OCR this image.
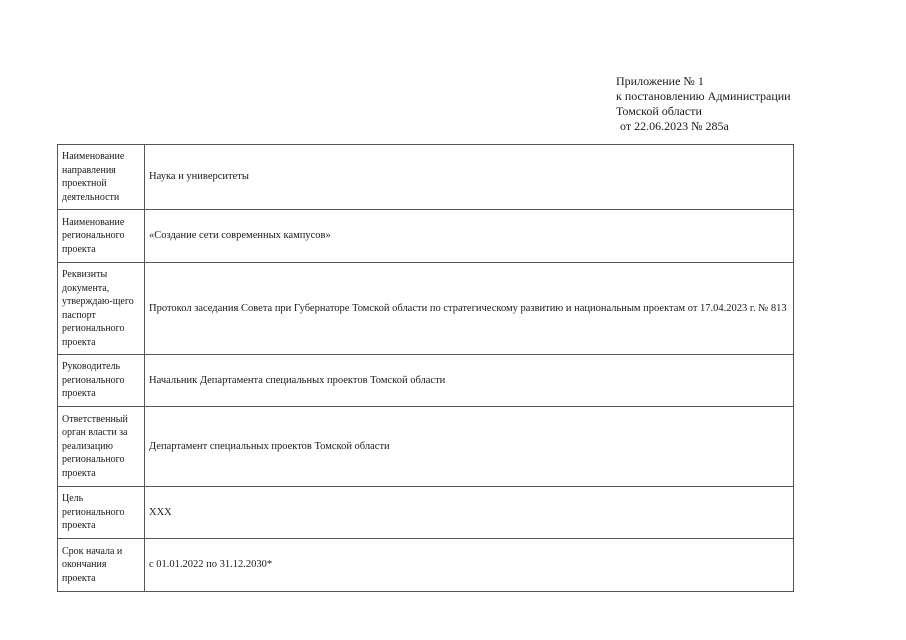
Приложение № 1
к постановлению Администрации
Томской области
от 22.06.2023 № 285а
Наименование направления проектной деятельности	Наука и университеты
Наименование регионального проекта	«Создание сети современных кампусов»
Реквизиты документа, утверждаю-щего паспорт регионального проекта	Протокол заседания Совета при Губернаторе Томской области по стратегическому развитию и национальным проектам от 17.04.2023 г. № 813
Руководитель регионального проекта	Начальник Департамента специальных проектов Томской области
Ответственный орган власти за реализацию регионального проекта	Департамент специальных проектов Томской области
Цель регионального проекта	ХХХ
Срок начала и окончания проекта	с 01.01.2022 по 31.12.2030*
